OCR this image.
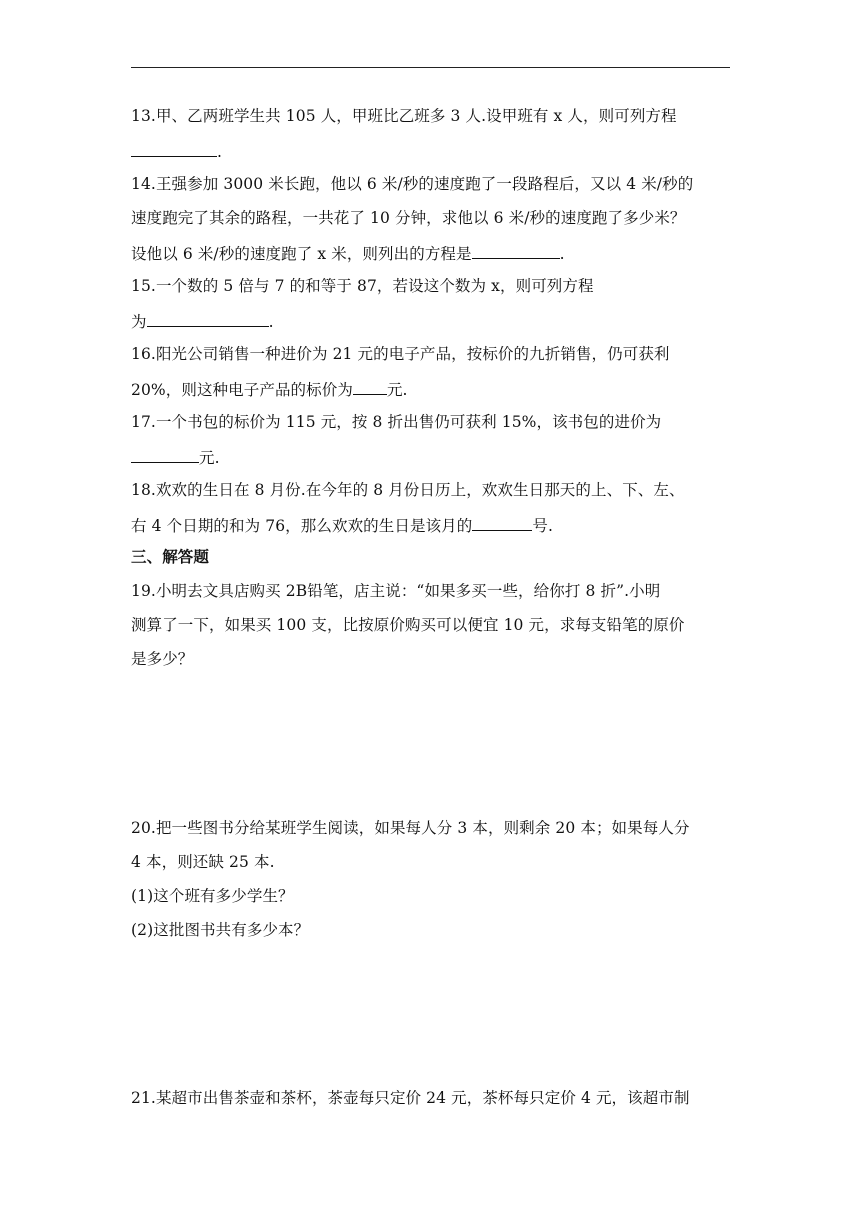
13.甲、乙两班学生共 105 人，甲班比乙班多 3 人.设甲班有 x 人，则可列方程
.
14.王强参加 3000 米长跑，他以 6 米/秒的速度跑了一段路程后，又以 4 米/秒的
速度跑完了其余的路程，一共花了 10 分钟，求他以 6 米/秒的速度跑了多少米？
设他以 6 米/秒的速度跑了 x 米，则列出的方程是	.
15.一个数的 5 倍与 7 的和等于 87，若设这个数为 x，则可列方程
为	.
16.阳光公司销售一种进价为 21 元的电子产品，按标价的九折销售，仍可获利
20%，则这种电子产品的标价为 元.
17.一个书包的标价为 115 元，按 8 折出售仍可获利 15%，该书包的进价为
元.
18.欢欢的生日在 8 月份.在今年的 8 月份日历上，欢欢生日那天的上、下、左、
右 4 个日期的和为 76，那么欢欢的生日是该月的	号.
三、解答题
19.小明去文具店购买 2B铅笔，店主说：“如果多买一些，给你打 8 折”.小明
测算了一下，如果买 100 支，比按原价购买可以便宜 10 元，求每支铅笔的原价
是多少？
20.把一些图书分给某班学生阅读，如果每人分 3 本，则剩余 20 本；如果每人分
4 本，则还缺 25 本.
(1)这个班有多少学生？
(2)这批图书共有多少本？
21.某超市出售茶壶和茶杯，茶壶每只定价 24 元，茶杯每只定价 4 元，该超市制
